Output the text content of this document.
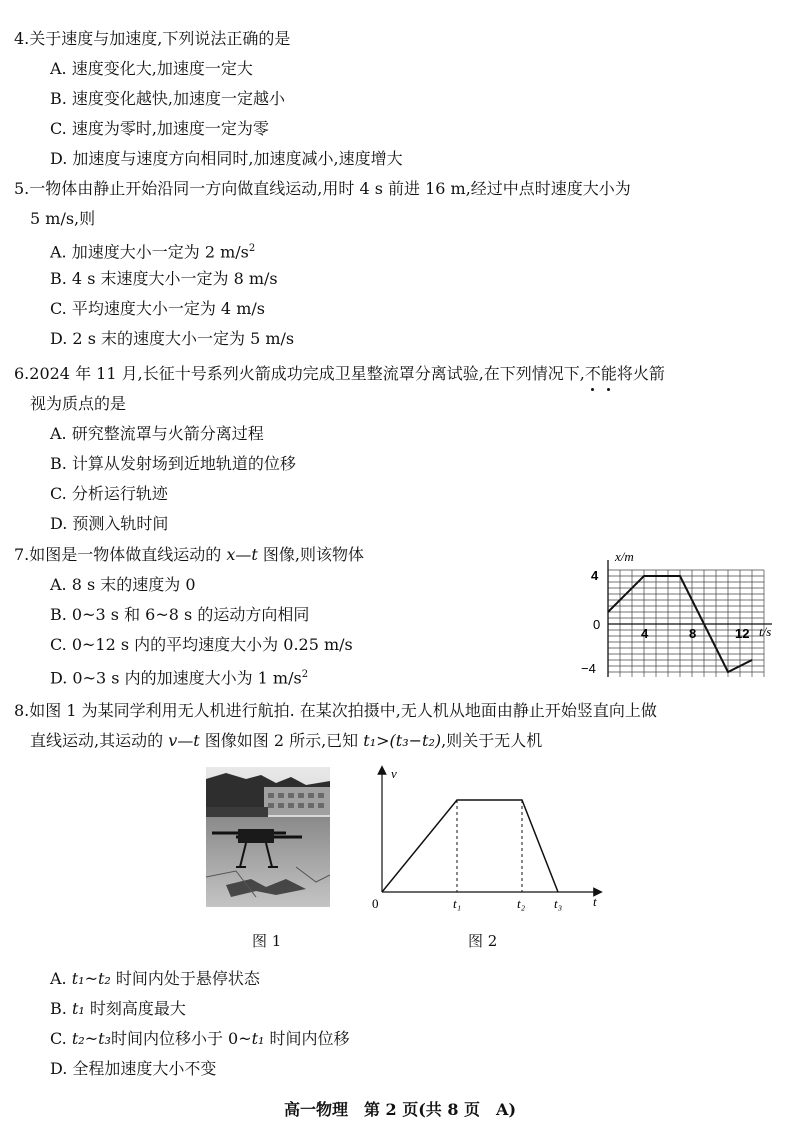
4.关于速度与加速度,下列说法正确的是
A. 速度变化大,加速度一定大
B. 速度变化越快,加速度一定越小
C. 速度为零时,加速度一定为零
D. 加速度与速度方向相同时,加速度减小,速度增大
5.一物体由静止开始沿同一方向做直线运动,用时 4 s 前进 16 m,经过中点时速度大小为
5 m/s,则
A. 加速度大小一定为 2 $m/s^2$
B. 4 s 末速度大小一定为 8 m/s
C. 平均速度大小一定为 4 m/s
D. 2 s 末的速度大小一定为 5 m/s
6.2024 年 11 月,长征十号系列火箭成功完成卫星整流罩分离试验,在下列情况下,不能将火箭
视为质点的是
A. 研究整流罩与火箭分离过程
B. 计算从发射场到近地轨道的位移
C. 分析运行轨迹
D. 预测入轨时间
7.如图是一物体做直线运动的 x—t 图像,则该物体
A. 8 s 末的速度为 0
B. 0~3 s 和 6~8 s 的运动方向相同
C. 0~12 s 内的平均速度大小为 0.25 m/s
D. 0~3 s 内的加速度大小为 1 $m/s^2$
x/m
t/s
4
0
−4
4	8	12
8.如图 1 为某同学利用无人机进行航拍. 在某次拍摄中,无人机从地面由静止开始竖直向上做
直线运动,其运动的 v—t 图像如图 2 所示,已知 t₁>(t₃−t₂),则关于无人机
图 1
v
t
0	t₁	t₂ t₃
图 2
A. t₁~t₂ 时间内处于悬停状态
B. t₁ 时刻高度最大
C. t₂~t₃时间内位移小于 0~t₁ 时间内位移
D. 全程加速度大小不变
高一物理　第 2 页(共 8 页　A)
